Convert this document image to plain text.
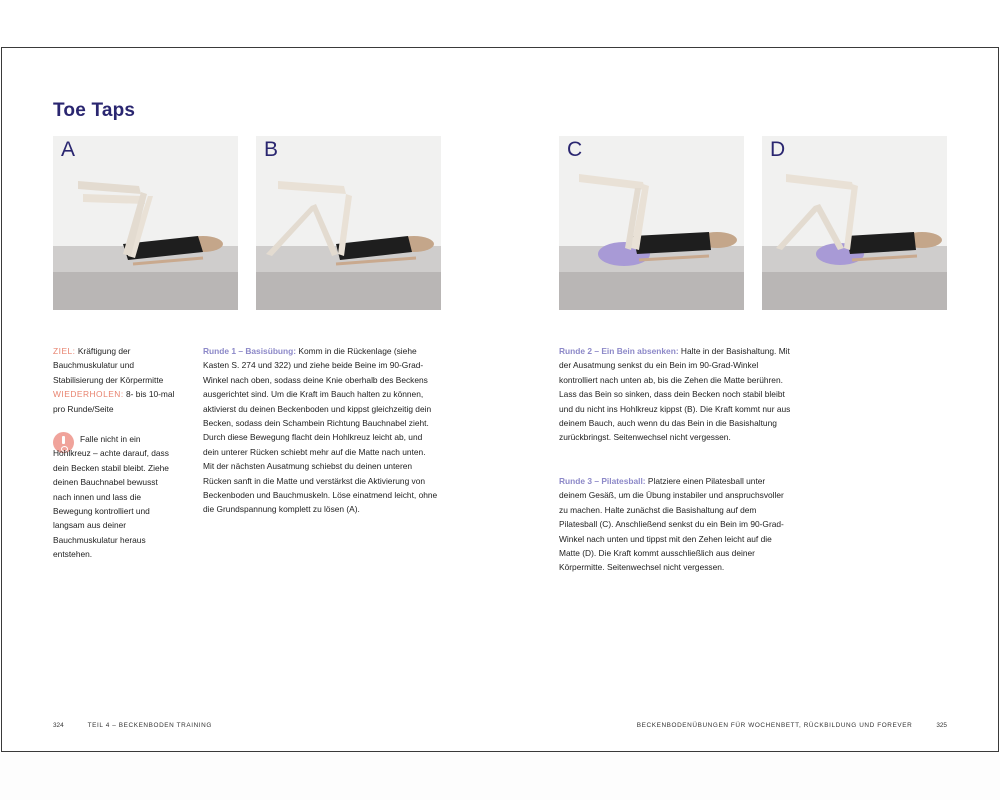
Toe Taps
A	B	C	D
ZIEL: Kräftigung der Bauchmuskulatur und Stabilisierung der Körpermitte
WIEDERHOLEN: 8- bis 10-mal pro Runde/Seite
Falle nicht in ein Hohlkreuz – achte darauf, dass dein Becken stabil bleibt. Ziehe deinen Bauchnabel bewusst nach innen und lass die Bewegung kontrolliert und langsam aus deiner Bauchmuskulatur heraus entstehen.
Runde 1 – Basisübung: Komm in die Rückenlage (siehe Kasten S. 274 und 322) und ziehe beide Beine im 90-Grad-Winkel nach oben, sodass deine Knie oberhalb des Beckens ausgerichtet sind. Um die Kraft im Bauch halten zu können, aktivierst du deinen Beckenboden und kippst gleichzeitig dein Becken, sodass dein Schambein Richtung Bauchnabel zieht. Durch diese Bewegung flacht dein Hohlkreuz leicht ab, und dein unterer Rücken schiebt mehr auf die Matte nach unten. Mit der nächsten Ausatmung schiebst du deinen unteren Rücken sanft in die Matte und verstärkst die Aktivierung von Beckenboden und Bauchmuskeln. Löse einatmend leicht, ohne die Grundspannung komplett zu lösen (A).
Runde 2 – Ein Bein absenken: Halte in der Basishaltung. Mit der Ausatmung senkst du ein Bein im 90-Grad-Winkel kontrolliert nach unten ab, bis die Zehen die Matte berühren. Lass das Bein so sinken, dass dein Becken noch stabil bleibt und du nicht ins Hohlkreuz kippst (B). Die Kraft kommt nur aus deinem Bauch, auch wenn du das Bein in die Basishaltung zurückbringst. Seitenwechsel nicht vergessen.
Runde 3 – Pilatesball: Platziere einen Pilatesball unter deinem Gesäß, um die Übung instabiler und anspruchsvoller zu machen. Halte zunächst die Basishaltung auf dem Pilatesball (C). Anschließend senkst du ein Bein im 90-Grad-Winkel nach unten und tippst mit den Zehen leicht auf die Matte (D). Die Kraft kommt ausschließlich aus deiner Körpermitte. Seitenwechsel nicht vergessen.
324	TEIL 4 – BECKENBODEN TRAINING	BECKENBODENÜBUNGEN FÜR WOCHENBETT, RÜCKBILDUNG UND FOREVER	325
